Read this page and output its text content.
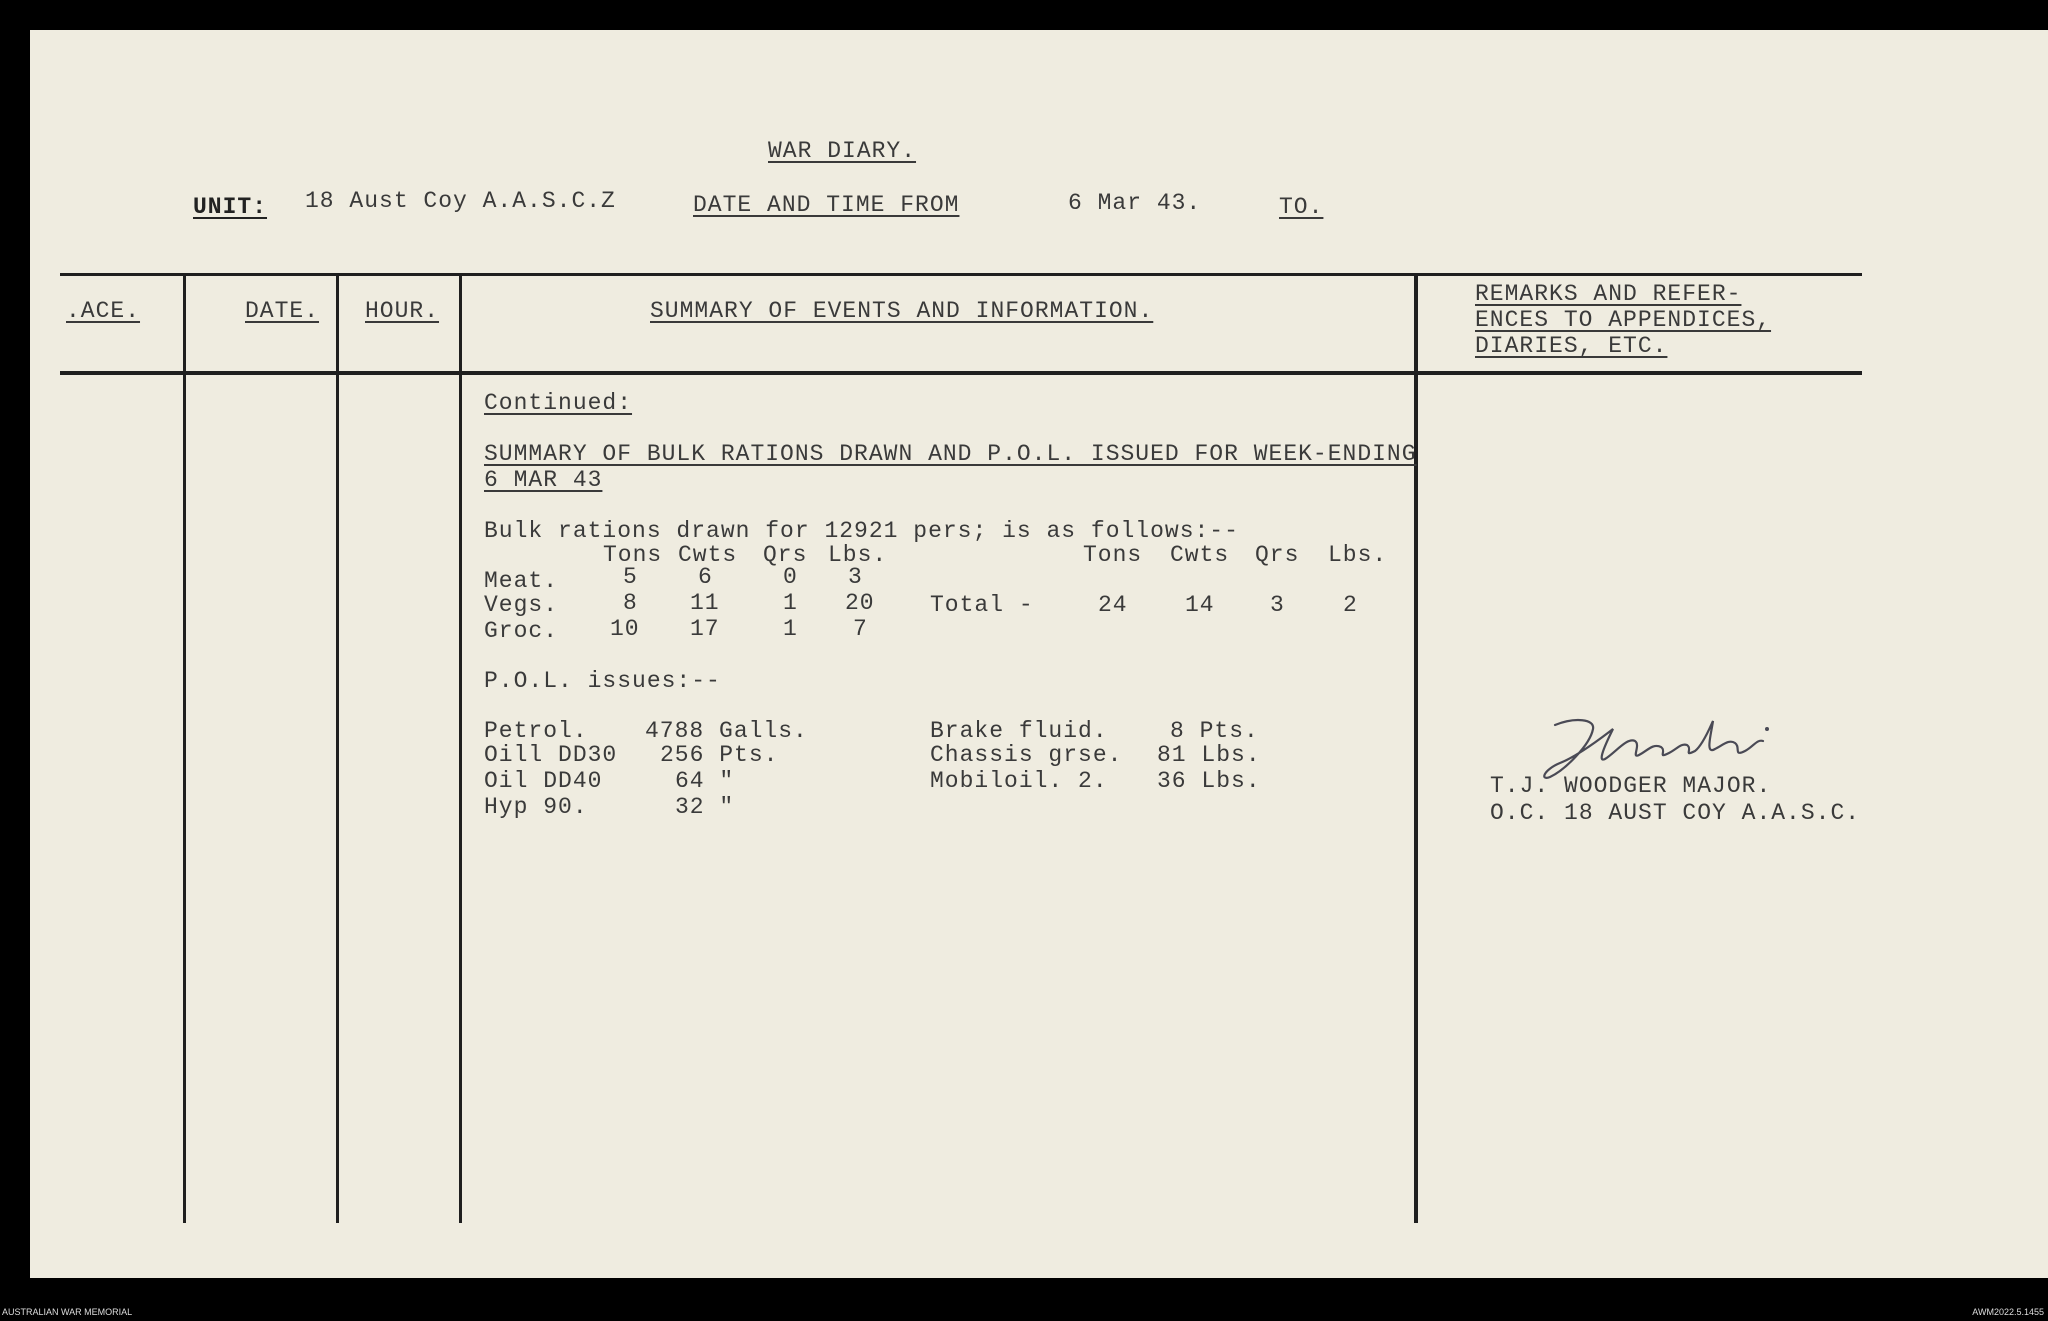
WAR DIARY.
UNIT: 18 Aust Coy A.A.S.C.Z	DATE AND TIME FROM	6 Mar 43.	TO.
.ACE.	DATE. HOUR.	SUMMARY OF EVENTS AND INFORMATION.
REMARKS AND REFER-
ENCES TO APPENDICES,
DIARIES, ETC.
Continued:
SUMMARY OF BULK RATIONS DRAWN AND P.O.L. ISSUED FOR WEEK-ENDING
6 MAR 43
Bulk rations drawn for 12921 pers; is as follows:--
Tons Cwts Qrs Lbs.
Meat.	5	6	0 3
Vegs.	8 11	1 20
Groc. 10 17	1 7
Tons Cwts Qrs Lbs.
Total -	24 14 3	2
P.O.L. issues:--
Petrol. 4788 Galls.
Oill DD30 256 Pts.
Oil DD40	64 "
Hyp 90.	32 "
Brake fluid.	8 Pts.
Chassis grse. 81 Lbs.
Mobiloil. 2. 36 Lbs.	T.J. WOODGER MAJOR.
O.C. 18 AUST COY A.A.S.C.
AUSTRALIAN WAR MEMORIAL	AWM2022.5.1455
